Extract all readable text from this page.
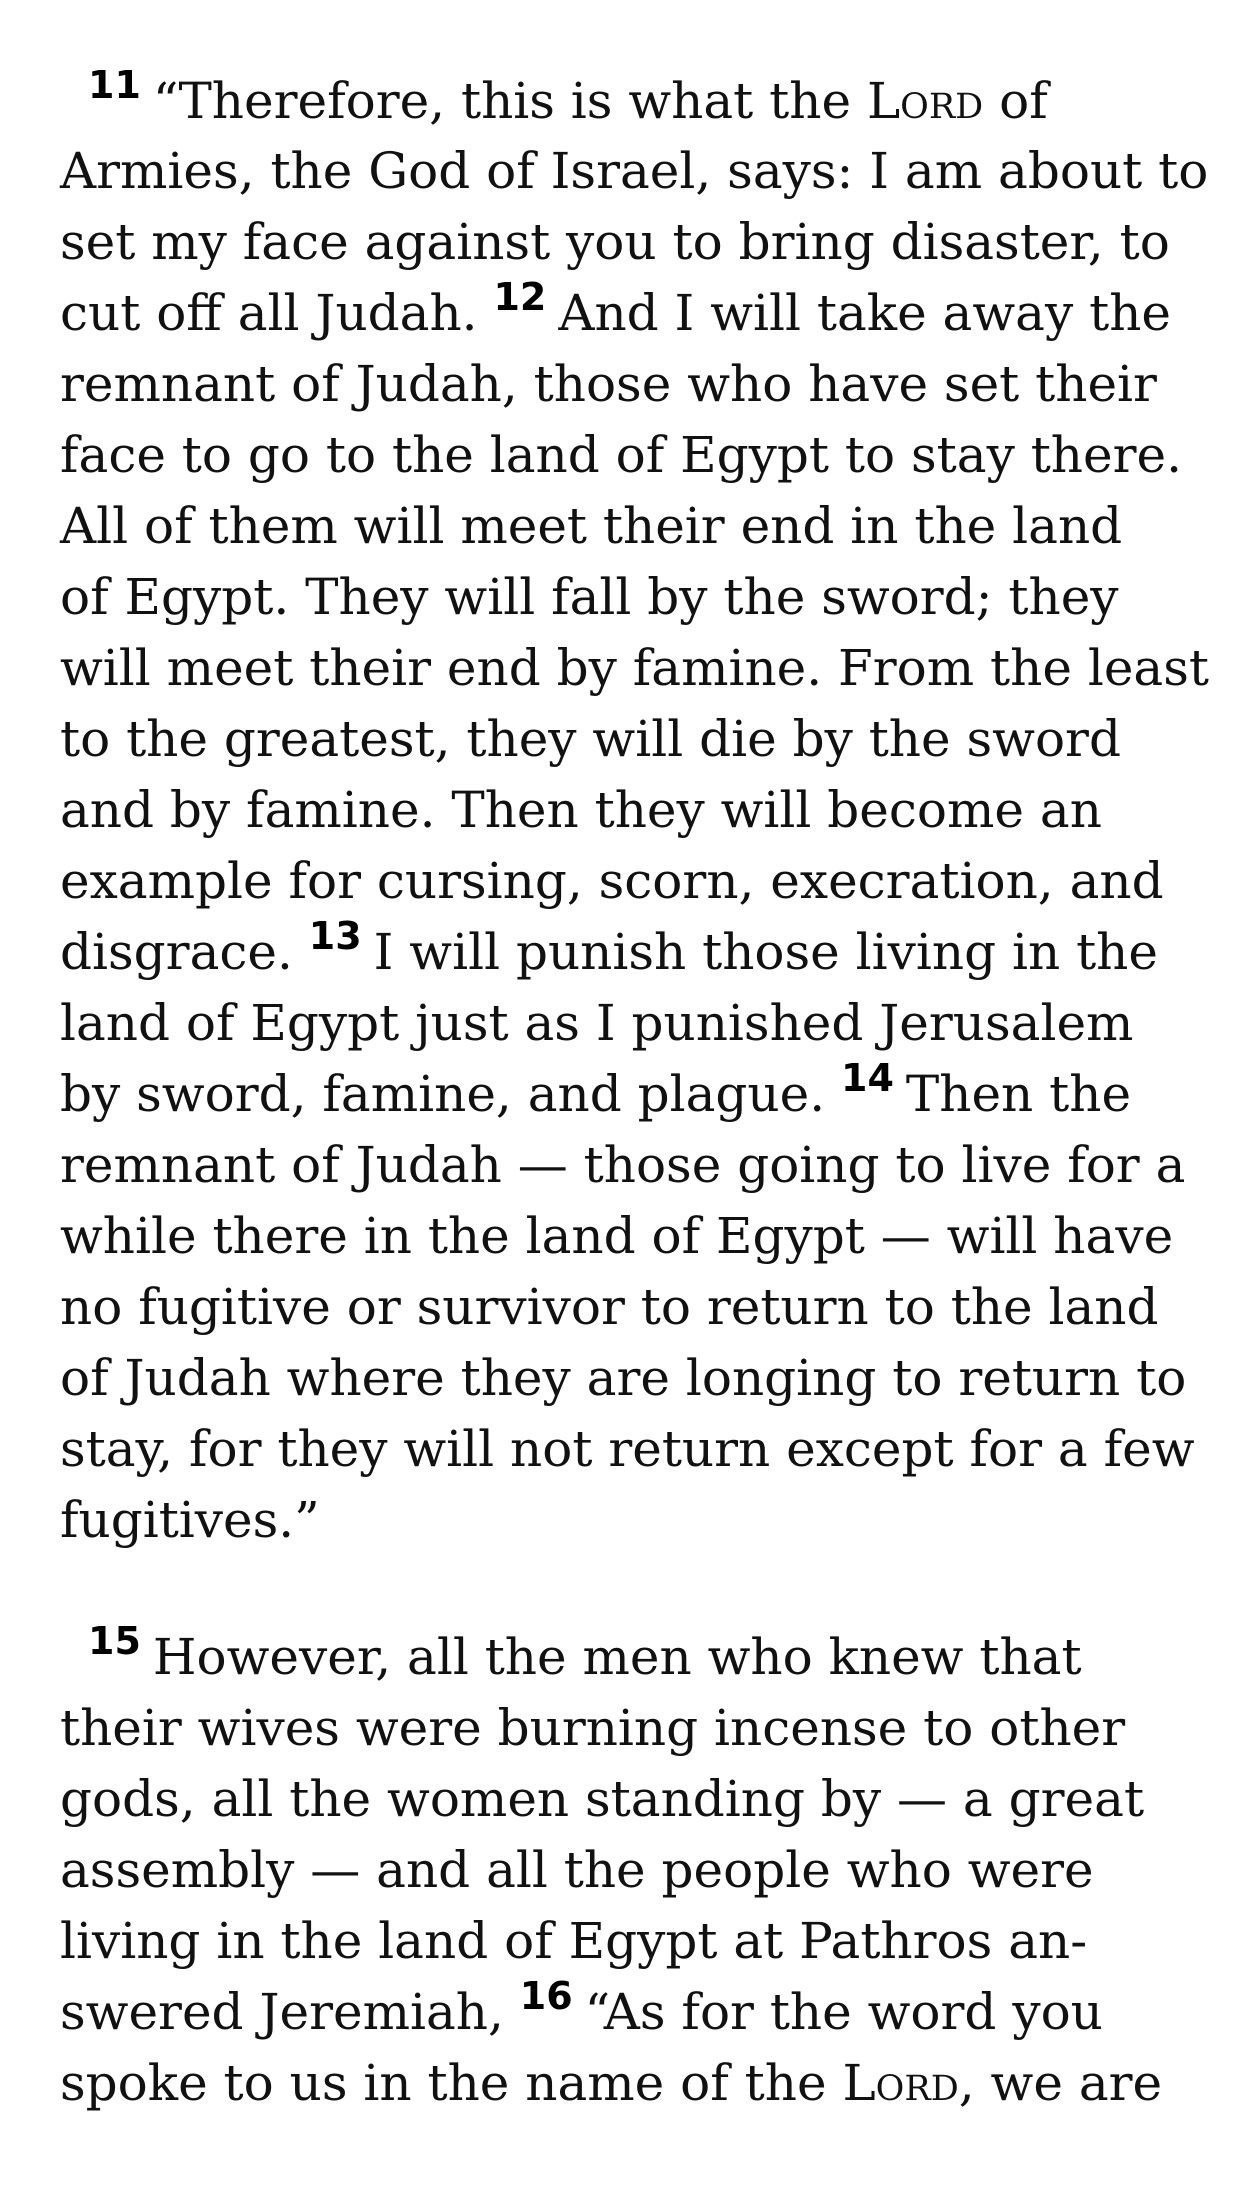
$^{11}$ “Therefore, this is what the Lord of
Armies, the God of Israel, says: I am about to
set my face against you to bring disaster, to
cut off all Judah. $^{12}$ And I will take away the
remnant of Judah, those who have set their
face to go to the land of Egypt to stay there.
All of them will meet their end in the land
of Egypt. They will fall by the sword; they
will meet their end by famine. From the least
to the greatest, they will die by the sword
and by famine. Then they will become an
example for cursing, scorn, execration, and
disgrace. $^{13}$ I will punish those living in the
land of Egypt just as I punished Jerusalem
by sword, famine, and plague. $^{14}$ Then the
remnant of Judah — those going to live for a
while there in the land of Egypt — will have
no fugitive or survivor to return to the land
of Judah where they are longing to return to
stay, for they will not return except for a few
fugitives.”
$^{15}$ However, all the men who knew that
their wives were burning incense to other
gods, all the women standing by — a great
assembly — and all the people who were
living in the land of Egypt at Pathros an-
swered Jeremiah, $^{16}$ “As for the word you
spoke to us in the name of the Lord, we are
